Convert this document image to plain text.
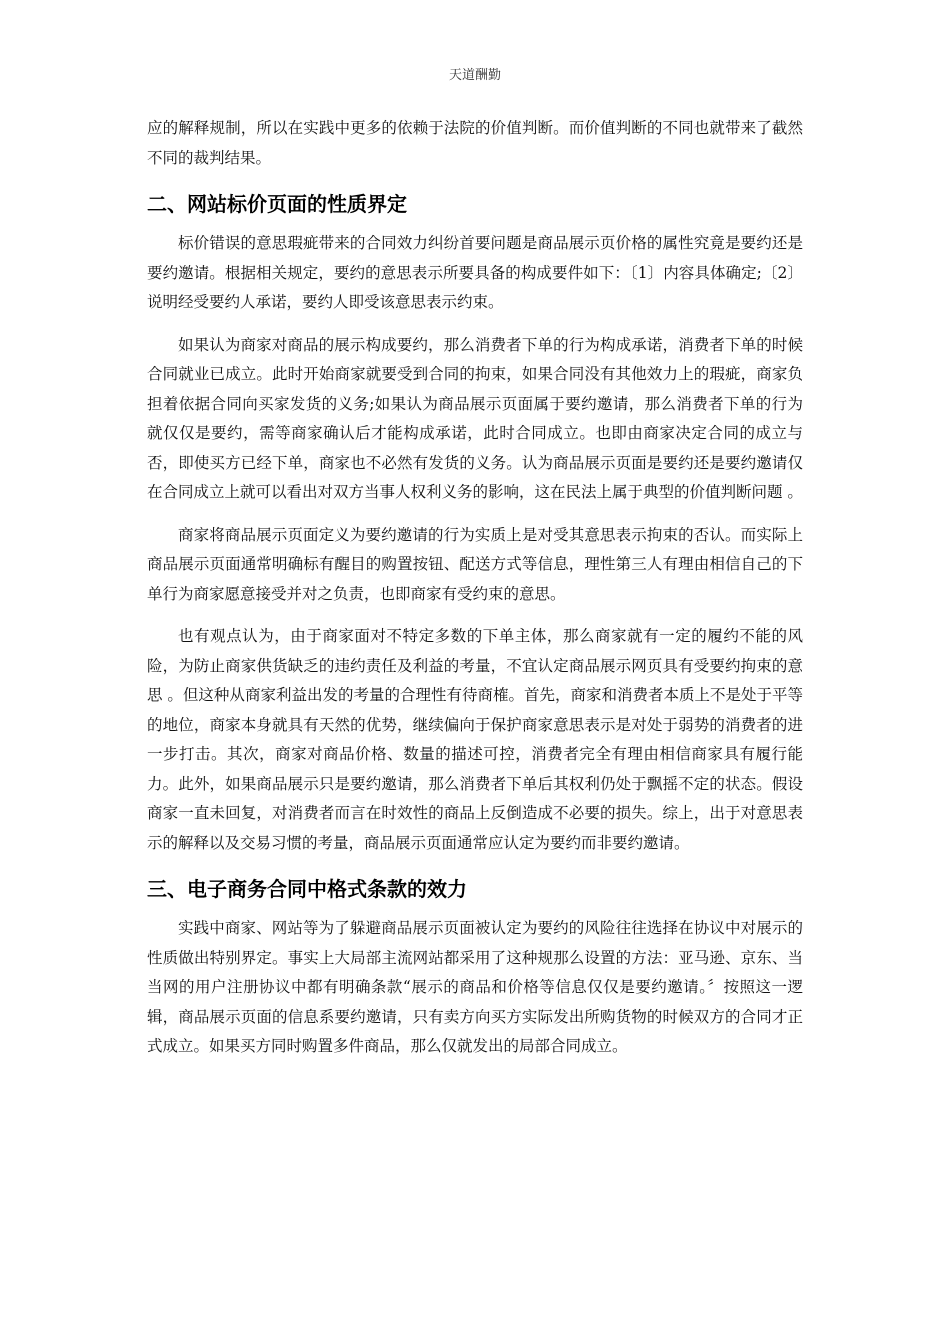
天道酬勤

应的解释规制，所以在实践中更多的依赖于法院的价值判断。而价值判断的不同也就带来了截然不同的裁判结果。

二、网站标价页面的性质界定

标价错误的意思瑕疵带来的合同效力纠纷首要问题是商品展示页价格的属性究竟是要约还是要约邀请。根据相关规定，要约的意思表示所要具备的构成要件如下：〔1〕内容具体确定;〔2〕说明经受要约人承诺，要约人即受该意思表示约束。

如果认为商家对商品的展示构成要约，那么消费者下单的行为构成承诺，消费者下单的时候合同就业已成立。此时开始商家就要受到合同的拘束，如果合同没有其他效力上的瑕疵，商家负担着依据合同向买家发货的义务;如果认为商品展示页面属于要约邀请，那么消费者下单的行为就仅仅是要约，需等商家确认后才能构成承诺，此时合同成立。也即由商家决定合同的成立与否，即使买方已经下单，商家也不必然有发货的义务。认为商品展示页面是要约还是要约邀请仅在合同成立上就可以看出对双方当事人权利义务的影响，这在民法上属于典型的价值判断问题 。

商家将商品展示页面定义为要约邀请的行为实质上是对受其意思表示拘束的否认。而实际上商品展示页面通常明确标有醒目的购置按钮、配送方式等信息，理性第三人有理由相信自己的下单行为商家愿意接受并对之负责，也即商家有受约束的意思。

也有观点认为，由于商家面对不特定多数的下单主体，那么商家就有一定的履约不能的风险，为防止商家供货缺乏的违约责任及利益的考量，不宜认定商品展示网页具有受要约拘束的意思 。但这种从商家利益出发的考量的合理性有待商榷。首先，商家和消费者本质上不是处于平等的地位，商家本身就具有天然的优势，继续偏向于保护商家意思表示是对处于弱势的消费者的进一步打击。其次，商家对商品价格、数量的描述可控，消费者完全有理由相信商家具有履行能力。此外，如果商品展示只是要约邀请，那么消费者下单后其权利仍处于飘摇不定的状态。假设商家一直未回复，对消费者而言在时效性的商品上反倒造成不必要的损失。综上，出于对意思表示的解释以及交易习惯的考量，商品展示页面通常应认定为要约而非要约邀请。

三、电子商务合同中格式条款的效力

实践中商家、网站等为了躲避商品展示页面被认定为要约的风险往往选择在协议中对展示的性质做出特别界定。事实上大局部主流网站都采用了这种规那么设置的方法：亚马逊、京东、当当网的用户注册协议中都有明确条款“展示的商品和价格等信息仅仅是要约邀请。〞按照这一逻辑，商品展示页面的信息系要约邀请，只有卖方向买方实际发出所购货物的时候双方的合同才正式成立。如果买方同时购置多件商品，那么仅就发出的局部合同成立。
